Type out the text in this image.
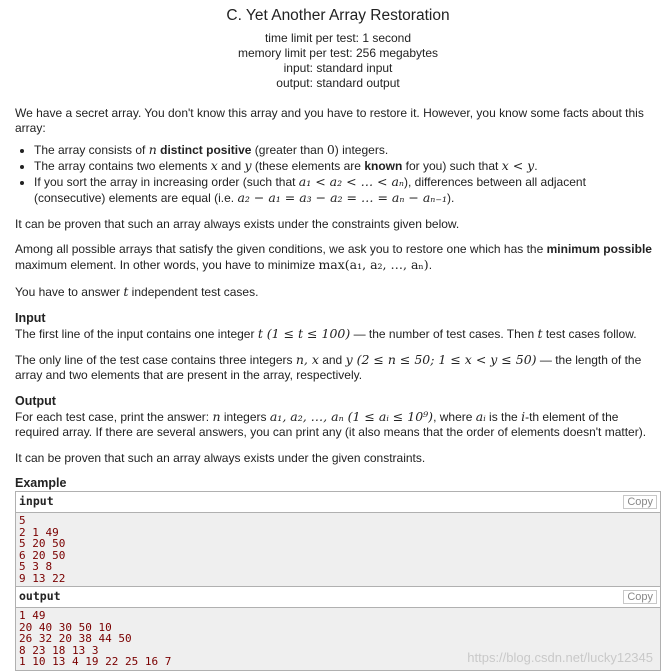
C. Yet Another Array Restoration
time limit per test: 1 second
memory limit per test: 256 megabytes
input: standard input
output: standard output

We have a secret array. You don't know this array and you have to restore it. However, you know some facts about this array:

• The array consists of n distinct positive (greater than 0) integers.
• The array contains two elements x and y (these elements are known for you) such that x < y.
• If you sort the array in increasing order (such that a₁ < a₂ < … < aₙ), differences between all adjacent
(consecutive) elements are equal (i.e. a₂ − a₁ = a₃ − a₂ = … = aₙ − aₙ₋₁).

It can be proven that such an array always exists under the constraints given below.

Among all possible arrays that satisfy the given conditions, we ask you to restore one which has the minimum possible
maximum element. In other words, you have to minimize max(a₁, a₂, …, aₙ).

You have to answer t independent test cases.

Input

The first line of the input contains one integer t (1 ≤ t ≤ 100) — the number of test cases. Then t test cases follow.

The only line of the test case contains three integers n, x and y (2 ≤ n ≤ 50; 1 ≤ x < y ≤ 50) — the length of the
array and two elements that are present in the array, respectively.

Output

For each test case, print the answer: n integers a₁, a₂, …, aₙ (1 ≤ aᵢ ≤ 10⁹), where aᵢ is the i-th element of the
required array. If there are several answers, you can print any (it also means that the order of elements doesn't matter).

It can be proven that such an array always exists under the given constraints.

Example
input	Copy
5
2 1 49
5 20 50
6 20 50
5 3 8
9 13 22
output	Copy
1 49
20 40 30 50 10
26 32 20 38 44 50
8 23 18 13 3
1 10 13 4 19 22 25 16 7	https://blog.csdn.net/lucky12345
